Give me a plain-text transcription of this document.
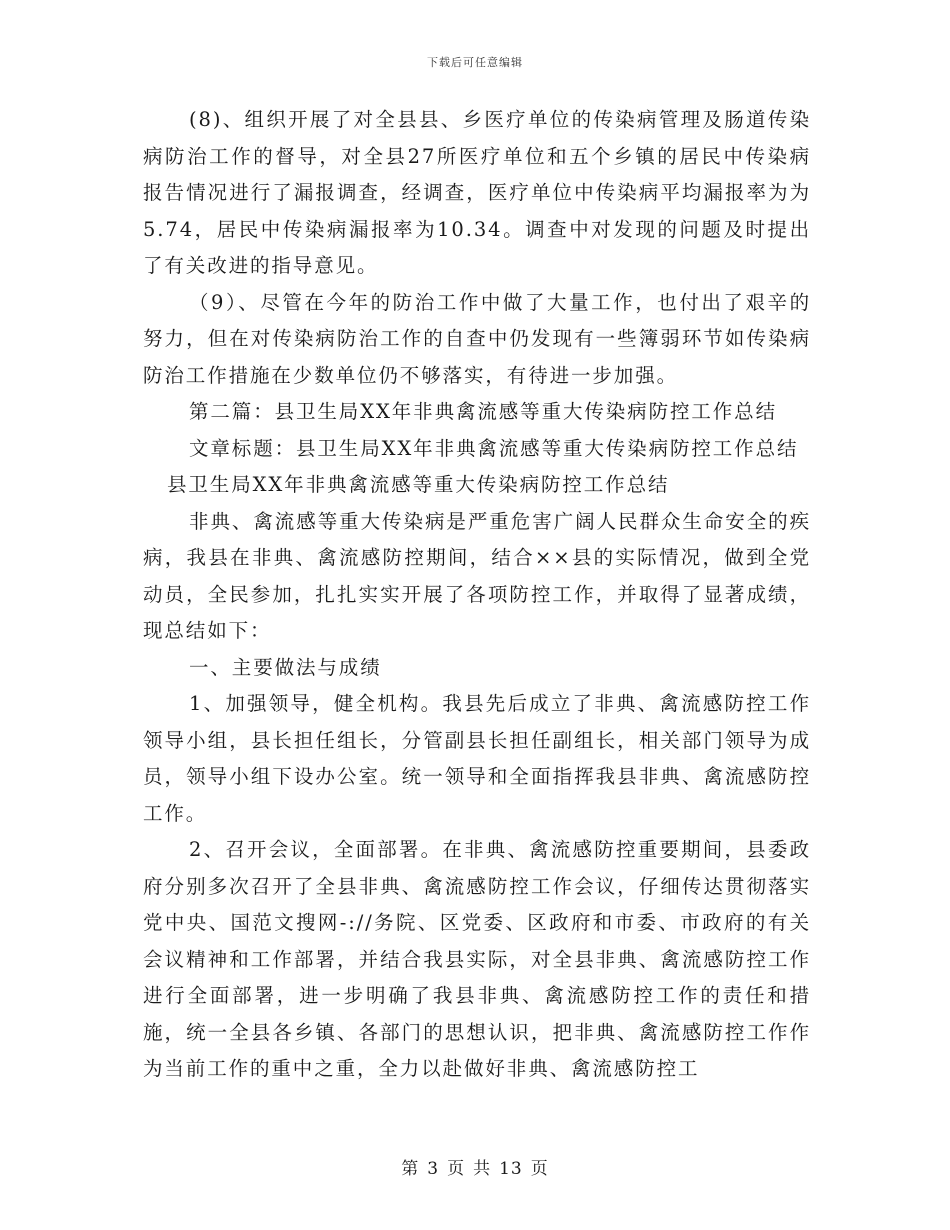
下载后可任意编辑

(8)、组织开展了对全县县、乡医疗单位的传染病管理及肠道传染病防治工作的督导，对全县27所医疗单位和五个乡镇的居民中传染病报告情况进行了漏报调查，经调查，医疗单位中传染病平均漏报率为为5.74，居民中传染病漏报率为10.34。调查中对发现的问题及时提出了有关改进的指导意见。

（9）、尽管在今年的防治工作中做了大量工作，也付出了艰辛的努力，但在对传染病防治工作的自查中仍发现有一些簿弱环节如传染病防治工作措施在少数单位仍不够落实，有待进一步加强。

第二篇：县卫生局XX年非典禽流感等重大传染病防控工作总结

文章标题：县卫生局XX年非典禽流感等重大传染病防控工作总结

县卫生局XX年非典禽流感等重大传染病防控工作总结

非典、禽流感等重大传染病是严重危害广阔人民群众生命安全的疾病，我县在非典、禽流感防控期间，结合××县的实际情况，做到全党动员，全民参加，扎扎实实开展了各项防控工作，并取得了显著成绩，现总结如下：

一、主要做法与成绩

1、加强领导，健全机构。我县先后成立了非典、禽流感防控工作领导小组，县长担任组长，分管副县长担任副组长，相关部门领导为成员，领导小组下设办公室。统一领导和全面指挥我县非典、禽流感防控工作。

2、召开会议，全面部署。在非典、禽流感防控重要期间，县委政府分别多次召开了全县非典、禽流感防控工作会议，仔细传达贯彻落实党中央、国范文搜网-://务院、区党委、区政府和市委、市政府的有关会议精神和工作部署，并结合我县实际，对全县非典、禽流感防控工作进行全面部署，进一步明确了我县非典、禽流感防控工作的责任和措施，统一全县各乡镇、各部门的思想认识，把非典、禽流感防控工作作为当前工作的重中之重，全力以赴做好非典、禽流感防控工

第 3 页 共 13 页
